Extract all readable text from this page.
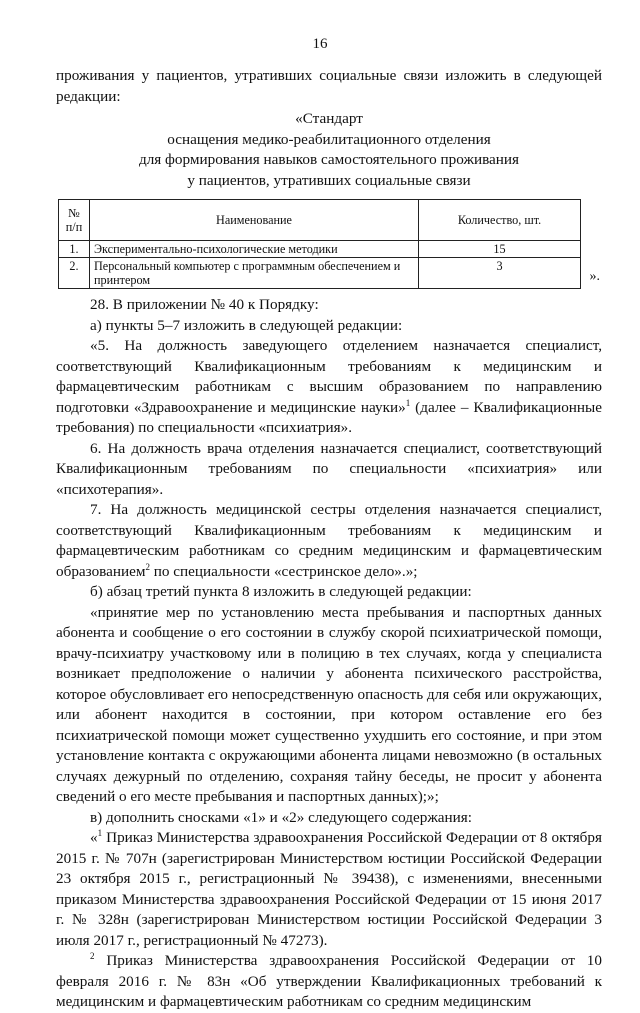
16

проживания у пациентов, утративших социальные связи изложить в следующей редакции:

«Стандарт

оснащения медико-реабилитационного отделения

для формирования навыков самостоятельного проживания

у пациентов, утративших социальные связи

№ п/п	Наименование	Количество, шт.
1.	Экспериментально-психологические методики	15
2.	Персональный компьютер с программным обеспечением и принтером	3
».

28. В приложении № 40 к Порядку:

а) пункты 5–7 изложить в следующей редакции:

«5. На должность заведующего отделением назначается специалист, соответствующий Квалификационным требованиям к медицинским и фармацевтическим работникам с высшим образованием по направлению подготовки «Здравоохранение и медицинские науки»$^1$ (далее – Квалификационные требования) по специальности «психиатрия».

6. На должность врача отделения назначается специалист, соответствующий Квалификационным требованиям по специальности «психиатрия» или «психотерапия».

7. На должность медицинской сестры отделения назначается специалист, соответствующий Квалификационным требованиям к медицинским и фармацевтическим работникам со средним медицинским и фармацевтическим образованием$^2$ по специальности «сестринское дело».»;

б) абзац третий пункта 8 изложить в следующей редакции:

«принятие мер по установлению места пребывания и паспортных данных абонента и сообщение о его состоянии в службу скорой психиатрической помощи, врачу-психиатру участковому или в полицию в тех случаях, когда у специалиста возникает предположение о наличии у абонента психического расстройства, которое обусловливает его непосредственную опасность для себя или окружающих, или абонент находится в состоянии, при котором оставление его без психиатрической помощи может существенно ухудшить его состояние, и при этом установление контакта с окружающими абонента лицами невозможно (в остальных случаях дежурный по отделению, сохраняя тайну беседы, не просит у абонента сведений о его месте пребывания и паспортных данных);»;

в) дополнить сносками «1» и «2» следующего содержания:

«$^1$ Приказ Министерства здравоохранения Российской Федерации от 8 октября 2015 г. № 707н (зарегистрирован Министерством юстиции Российской Федерации 23 октября 2015 г., регистрационный № 39438), с изменениями, внесенными приказом Министерства здравоохранения Российской Федерации от 15 июня 2017 г. № 328н (зарегистрирован Министерством юстиции Российской Федерации 3 июля 2017 г., регистрационный № 47273).

$^2$ Приказ Министерства здравоохранения Российской Федерации от 10 февраля 2016 г. № 83н «Об утверждении Квалификационных требований к медицинским и фармацевтическим работникам со средним медицинским
